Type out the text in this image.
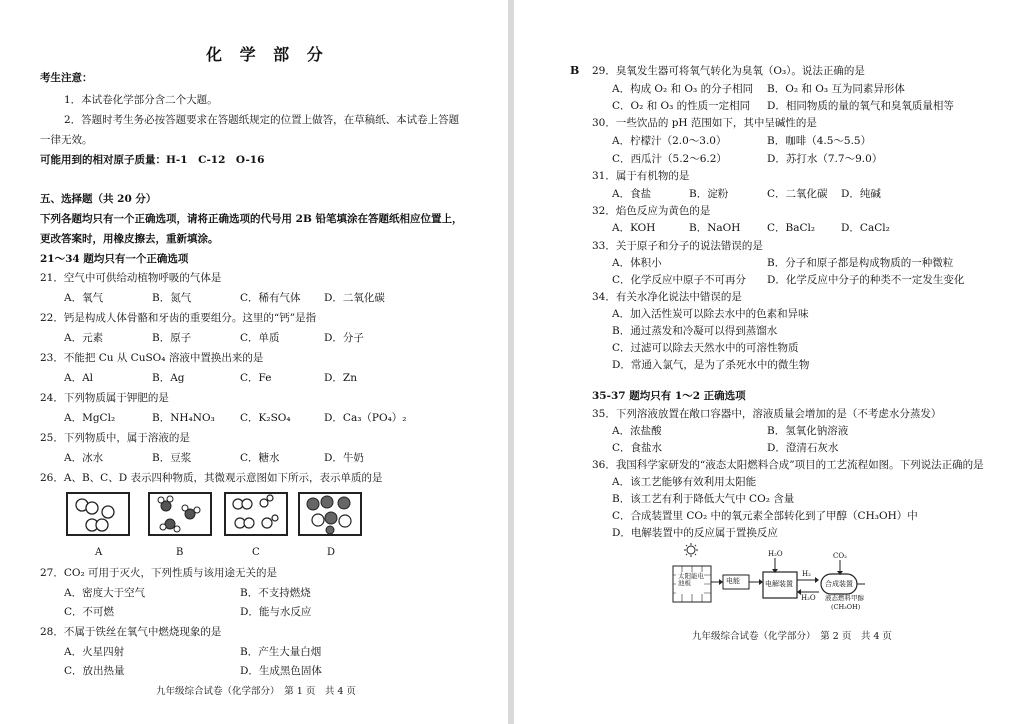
化 学 部 分
考生注意：
1．本试卷化学部分含二个大题。
2．答题时考生务必按答题要求在答题纸规定的位置上做答，在草稿纸、本试卷上答题
一律无效。
可能用到的相对原子质量：H-1　C-12　O-16
五、选择题（共 20 分）
下列各题均只有一个正确选项，请将正确选项的代号用 2B 铅笔填涂在答题纸相应位置上，
更改答案时，用橡皮擦去，重新填涂。
21～34 题均只有一个正确选项
21．空气中可供给动植物呼吸的气体是
A．氧气	B．氮气	C．稀有气体 D．二氧化碳
22．钙是构成人体骨骼和牙齿的重要组分。这里的“钙”是指
A．元素	B．原子	C．单质	D．分子
23．不能把 Cu 从 CuSO₄ 溶液中置换出来的是
A．Al	B．Ag	C．Fe	D．Zn
24．下列物质属于钾肥的是
A．MgCl₂	B．NH₄NO₃ C．K₂SO₄	D．Ca₃（PO₄）₂
25．下列物质中，属于溶液的是
A．冰水	B．豆浆	C．糖水	D．牛奶
26．A、B、C、D 表示四种物质，其微观示意图如下所示，表示单质的是
A	B	C	D
27．CO₂ 可用于灭火，下列性质与该用途无关的是
A．密度大于空气	B．不支持燃烧
C．不可燃	D．能与水反应
28．不属于铁丝在氧气中燃烧现象的是
A．火星四射	B．产生大量白烟
C．放出热量	D．生成黑色固体
九年级综合试卷（化学部分）　第 1 页　共 4 页
B 29．臭氧发生器可将氧气转化为臭氧（O₃）。说法正确的是
A．构成 O₂ 和 O₃ 的分子相同 B．O₂ 和 O₃ 互为同素异形体
C．O₂ 和 O₃ 的性质一定相同 D．相同物质的量的氧气和臭氧质量相等
30．一些饮品的 pH 范围如下，其中呈碱性的是
A．柠檬汁（2.0～3.0）	B．咖啡（4.5～5.5）
C．西瓜汁（5.2～6.2）	D．苏打水（7.7～9.0）
31．属于有机物的是
A．食盐	B．淀粉	C．二氧化碳 D．纯碱
32．焰色反应为黄色的是
A．KOH	B．NaOH	C．BaCl₂ D．CaCl₂
33．关于原子和分子的说法错误的是
A．体积小	B．分子和原子都是构成物质的一种微粒
C．化学反应中原子不可再分 D．化学反应中分子的种类不一定发生变化
34．有关水净化说法中错误的是
A．加入活性炭可以除去水中的色素和异味
B．通过蒸发和冷凝可以得到蒸馏水
C．过滤可以除去天然水中的可溶性物质
D．常通入氯气，是为了杀死水中的微生物
35-37 题均只有 1～2 正确选项
35．下列溶液放置在敞口容器中，溶液质量会增加的是（不考虑水分蒸发）
A．浓盐酸	B．氢氧化钠溶液
C．食盐水	D．澄清石灰水
36．我国科学家研发的“液态太阳燃料合成”项目的工艺流程如图。下列说法正确的是
A．该工艺能够有效利用太阳能
B．该工艺有利于降低大气中 CO₂ 含量
C．合成装置里 CO₂ 中的氧元素全部转化到了甲醇（CH₃OH）中
D．电解装置中的反应属于置换反应
太阳能电池板	电能	电解装置
H₂O
H₂
H₂O
CO₂
合成装置
液态燃料甲醇
(CH₃OH)
九年级综合试卷（化学部分）　第 2 页　共 4 页
